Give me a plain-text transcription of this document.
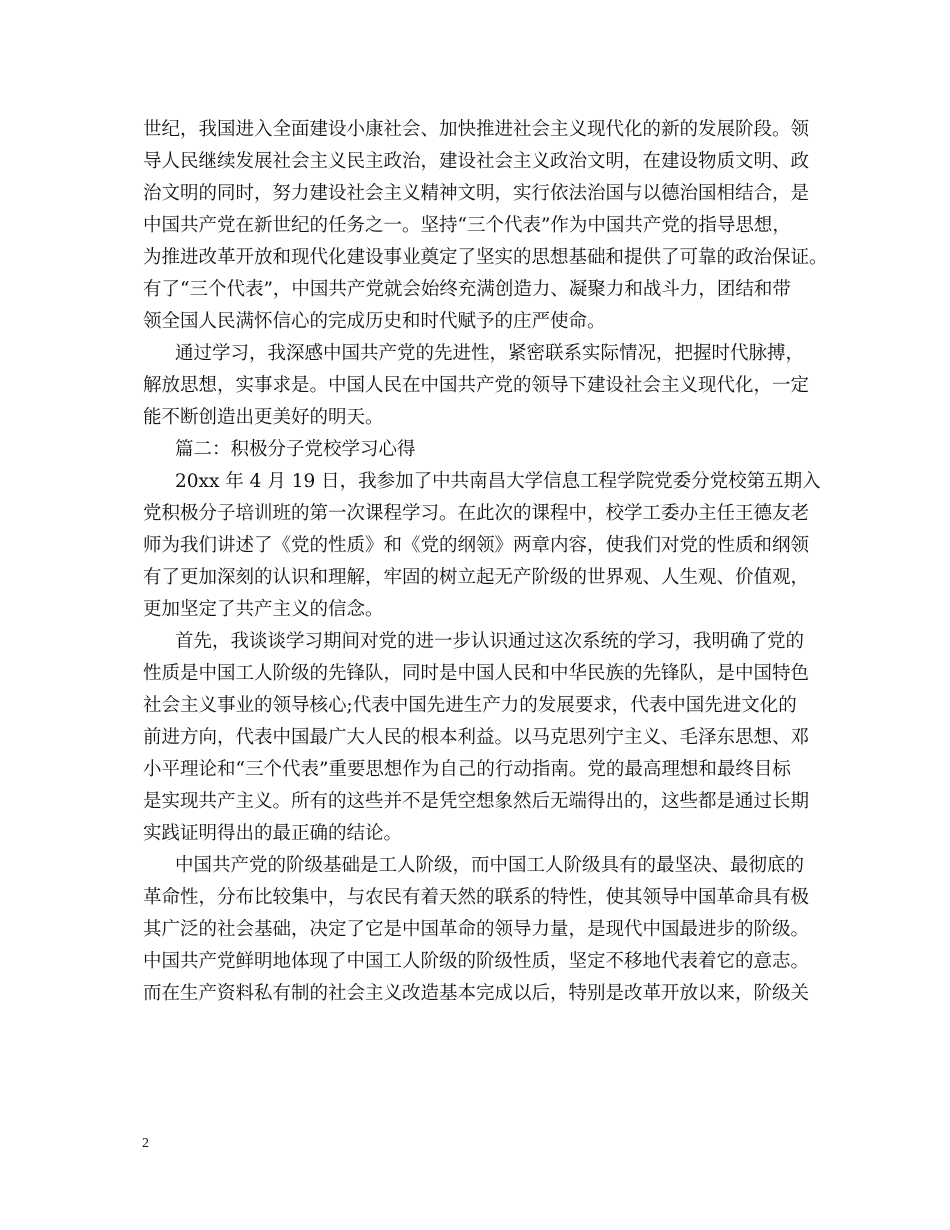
世纪，我国进入全面建设小康社会、加快推进社会主义现代化的新的发展阶段。领
导人民继续发展社会主义民主政治，建设社会主义政治文明，在建设物质文明、政
治文明的同时，努力建设社会主义精神文明，实行依法治国与以德治国相结合，是
中国共产党在新世纪的任务之一。坚持“三个代表”作为中国共产党的指导思想，
为推进改革开放和现代化建设事业奠定了坚实的思想基础和提供了可靠的政治保证。
有了“三个代表”，中国共产党就会始终充满创造力、凝聚力和战斗力，团结和带
领全国人民满怀信心的完成历史和时代赋予的庄严使命。
通过学习，我深感中国共产党的先进性，紧密联系实际情况，把握时代脉搏，
解放思想，实事求是。中国人民在中国共产党的领导下建设社会主义现代化，一定
能不断创造出更美好的明天。
篇二：积极分子党校学习心得
20xx 年 4 月 19 日，我参加了中共南昌大学信息工程学院党委分党校第五期入
党积极分子培训班的第一次课程学习。在此次的课程中，校学工委办主任王德友老
师为我们讲述了《党的性质》和《党的纲领》两章内容，使我们对党的性质和纲领
有了更加深刻的认识和理解，牢固的树立起无产阶级的世界观、人生观、价值观，
更加坚定了共产主义的信念。
首先，我谈谈学习期间对党的进一步认识通过这次系统的学习，我明确了党的
性质是中国工人阶级的先锋队，同时是中国人民和中华民族的先锋队，是中国特色
社会主义事业的领导核心;代表中国先进生产力的发展要求，代表中国先进文化的
前进方向，代表中国最广大人民的根本利益。以马克思列宁主义、毛泽东思想、邓
小平理论和“三个代表”重要思想作为自己的行动指南。党的最高理想和最终目标
是实现共产主义。所有的这些并不是凭空想象然后无端得出的，这些都是通过长期
实践证明得出的最正确的结论。
中国共产党的阶级基础是工人阶级，而中国工人阶级具有的最坚决、最彻底的
革命性，分布比较集中，与农民有着天然的联系的特性，使其领导中国革命具有极
其广泛的社会基础，决定了它是中国革命的领导力量，是现代中国最进步的阶级。
中国共产党鲜明地体现了中国工人阶级的阶级性质，坚定不移地代表着它的意志。
而在生产资料私有制的社会主义改造基本完成以后，特别是改革开放以来，阶级关
2
